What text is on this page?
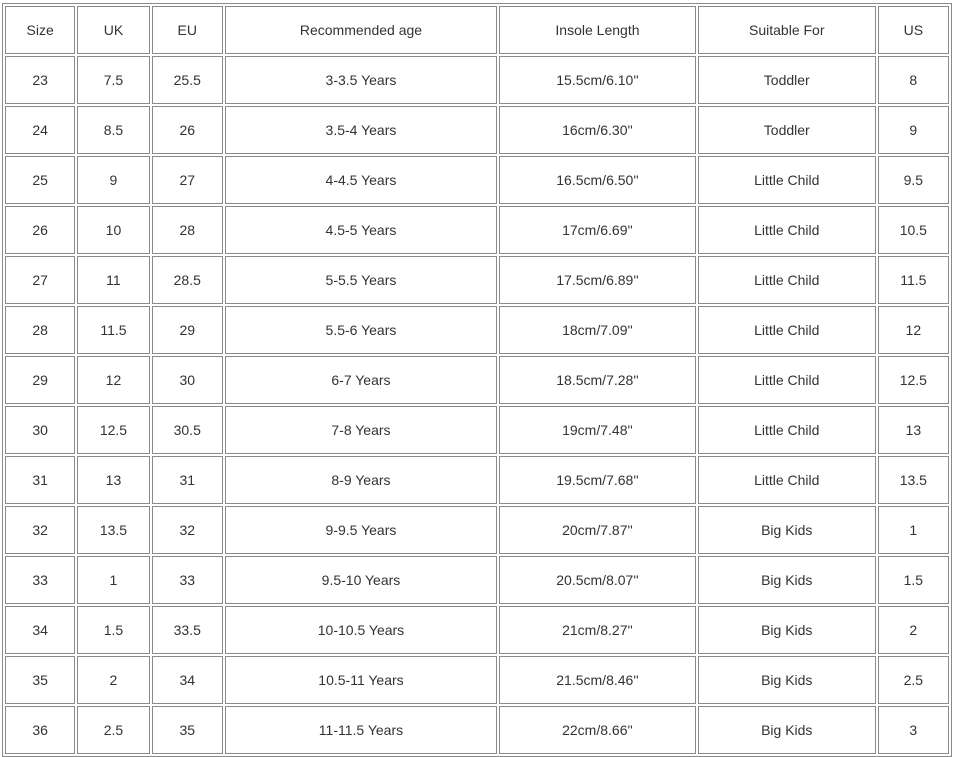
Size	UK	EU	Recommended age	Insole Length	Suitable For	US
23	7.5	25.5	3-3.5 Years	15.5cm/6.10''	Toddler	8
24	8.5	26	3.5-4 Years	16cm/6.30''	Toddler	9
25	9	27	4-4.5 Years	16.5cm/6.50''	Little Child	9.5
26	10	28	4.5-5 Years	17cm/6.69''	Little Child	10.5
27	11	28.5	5-5.5 Years	17.5cm/6.89''	Little Child	11.5
28	11.5	29	5.5-6 Years	18cm/7.09''	Little Child	12
29	12	30	6-7 Years	18.5cm/7.28''	Little Child	12.5
30	12.5	30.5	7-8 Years	19cm/7.48''	Little Child	13
31	13	31	8-9 Years	19.5cm/7.68''	Little Child	13.5
32	13.5	32	9-9.5 Years	20cm/7.87''	Big Kids	1
33	1	33	9.5-10 Years	20.5cm/8.07''	Big Kids	1.5
34	1.5	33.5	10-10.5 Years	21cm/8.27''	Big Kids	2
35	2	34	10.5-11 Years	21.5cm/8.46''	Big Kids	2.5
36	2.5	35	11-11.5 Years	22cm/8.66''	Big Kids	3
